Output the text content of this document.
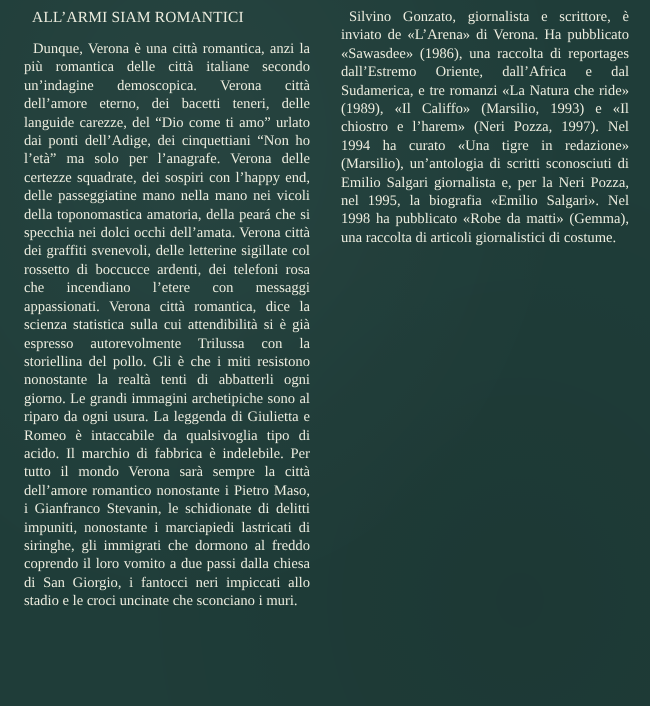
ALL’ARMI SIAM ROMANTICI

Dunque, Verona è una città romantica, anzi la più romantica delle città italiane secondo un’indagine demoscopica. Verona città dell’amore eterno, dei bacetti teneri, delle languide carezze, del “Dio come ti amo” urlato dai ponti dell’Adige, dei cinquettiani “Non ho l’età” ma solo per l’anagrafe. Verona delle certezze squadrate, dei sospiri con l’happy end, delle passeggiatine mano nella mano nei vicoli della toponomastica amatoria, della peará che si specchia nei dolci occhi dell’amata. Verona città dei graffiti svenevoli, delle letterine sigillate col rossetto di boccucce ardenti, dei telefoni rosa che incendiano l’etere con messaggi appassionati. Verona città romantica, dice la scienza statistica sulla cui attendibilità si è già espresso autorevolmente Trilussa con la storiellina del pollo. Gli è che i miti resistono nonostante la realtà tenti di abbatterli ogni giorno. Le grandi immagini archetipiche sono al riparo da ogni usura. La leggenda di Giulietta e Romeo è intaccabile da qualsivoglia tipo di acido. Il marchio di fabbrica è indelebile. Per tutto il mondo Verona sarà sempre la città dell’amore romantico nonostante i Pietro Maso, i Gianfranco Stevanin, le schidionate di delitti impuniti, nonostante i marciapiedi lastricati di siringhe, gli immigrati che dormono al freddo coprendo il loro vomito a due passi dalla chiesa di San Giorgio, i fantocci neri impiccati allo stadio e le croci uncinate che sconciano i muri.

Silvino Gonzato, giornalista e scrittore, è inviato de «L’Arena» di Verona. Ha pubblicato «Sawasdee» (1986), una raccolta di reportages dall’Estremo Oriente, dall’Africa e dal Sudamerica, e tre romanzi «La Natura che ride» (1989), «Il Califfo» (Marsilio, 1993) e «Il chiostro e l’harem» (Neri Pozza, 1997). Nel 1994 ha curato «Una tigre in redazione» (Marsilio), un’antologia di scritti sconosciuti di Emilio Salgari giornalista e, per la Neri Pozza, nel 1995, la biografia «Emilio Salgari». Nel 1998 ha pubblicato «Robe da matti» (Gemma), una raccolta di articoli giornalistici di costume.
